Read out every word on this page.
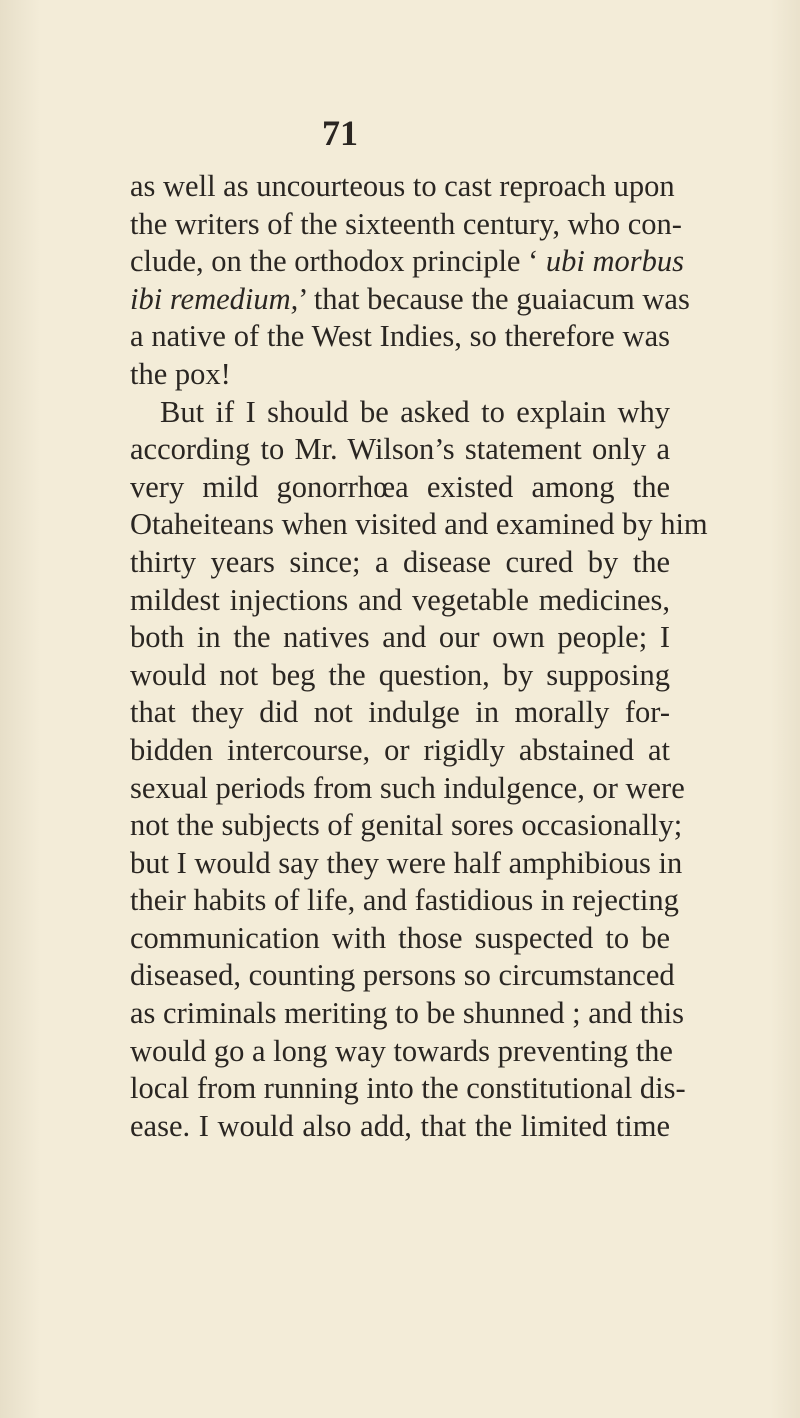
71

as well as uncourteous to cast reproach upon
the writers of the sixteenth century, who con-
clude, on the orthodox principle ‘ ubi morbus
ibi remedium,’ that because the guaiacum was
a native of the West Indies, so therefore was
the pox!
But if I should be asked to explain why
according to Mr. Wilson’s statement only a
very mild gonorrhœa existed among the
Otaheiteans when visited and examined by him
thirty years since; a disease cured by the
mildest injections and vegetable medicines,
both in the natives and our own people; I
would not beg the question, by supposing
that they did not indulge in morally for-
bidden intercourse, or rigidly abstained at
sexual periods from such indulgence, or were
not the subjects of genital sores occasionally;
but I would say they were half amphibious in
their habits of life, and fastidious in rejecting
communication with those suspected to be
diseased, counting persons so circumstanced
as criminals meriting to be shunned ; and this
would go a long way towards preventing the
local from running into the constitutional dis-
ease. I would also add, that the limited time
